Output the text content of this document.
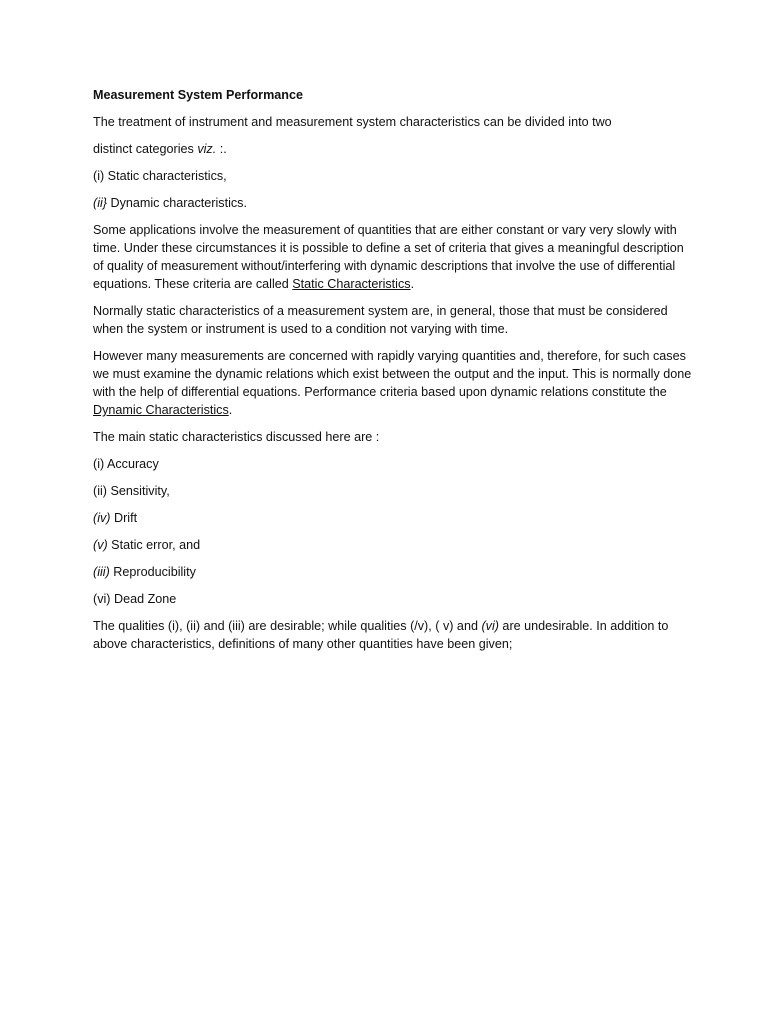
Measurement System Performance

The treatment of instrument and measurement system characteristics can be divided into two

distinct categories viz. :.

(i) Static characteristics,

(ii} Dynamic characteristics.

Some applications involve the measurement of quantities that are either constant or vary very slowly with time. Under these circumstances it is possible to define a set of criteria that gives a meaningful description of quality of measurement without/interfering with dynamic descriptions that involve the use of differential equations. These criteria are called Static Characteristics.

Normally static characteristics of a measurement system are, in general, those that must be considered when the system or instrument is used to a condition not varying with time.

However many measurements are concerned with rapidly varying quantities and, therefore, for such cases we must examine the dynamic relations which exist between the output and the input. This is normally done with the help of differential equations. Performance criteria based upon dynamic relations constitute the Dynamic Characteristics.

The main static characteristics discussed here are :

(i) Accuracy

(ii) Sensitivity,

(iv) Drift

(v) Static error, and

(iii) Reproducibility

(vi) Dead Zone

The qualities (i), (ii) and (iii) are desirable; while qualities (/v), ( v) and (vi) are undesirable. In addition to above characteristics, definitions of many other quantities have been given;
